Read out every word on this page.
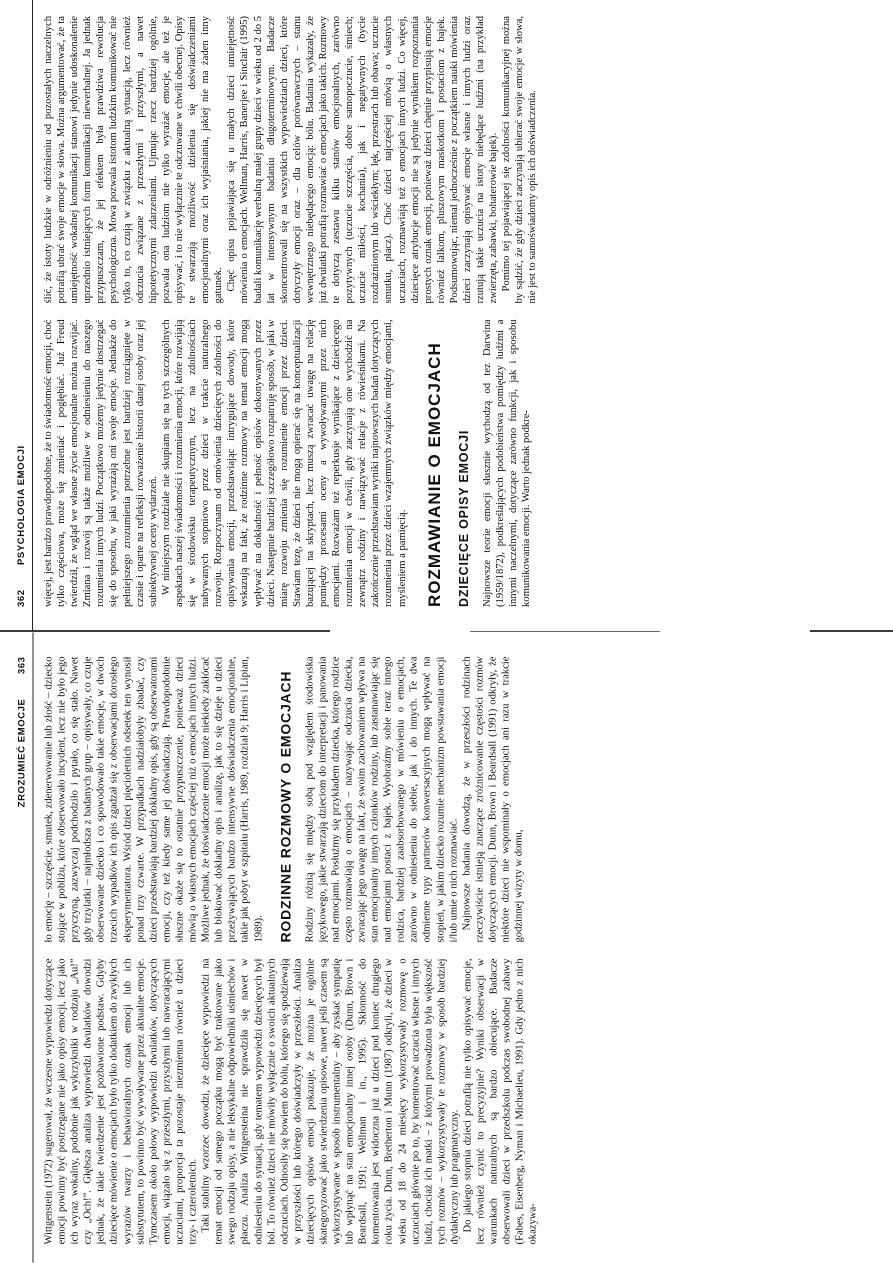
362
PSYCHOLOGIA EMOCJI więcej, jest bardzo prawdopodobne, że to świadomość emocji, choć tylko częściowa, może się zmieniać i pogłębiać. Już Freud twierdził, że wgląd we własne życie emocjonalne można rozwijać. Zmiana i rozwój są także możliwe w odniesieniu do naszego rozumienia innych ludzi. Początkowo możemy jedynie dostrzegać się do sposobu, w jaki wyrażają oni swoje emocje. Jednakże do pełniejszego zrozumienia potrzebne jest bardziej rozciągnięte w czasie i oparte na refleksji rozważenie historii danej osoby oraz jej subiektywnej oceny wydarzeń. W niniejszym rozdziale nie skupiam się na tych szczególnych aspektach naszej świadomości i rozumienia emocji, które rozwijają się w środowisku terapeutycznym, lecz na zdolnościach nabywanych stopniowo przez dzieci w trakcie naturalnego rozwoju. Rozpoczynam od omówienia dziecięcych zdolności do opisywania emocji, przedstawiając intrygujące dowody, które wskazują na fakt, że rodzinne rozmowy na temat emocji mogą wpływać na dokładność i pełność opisów dokonywanych przez dzieci. Następnie bardziej szczegółowo rozpatruję sposób, w jaki w miarę rozwoju zmienia się rozumienie emocji przez dzieci. Stawiam tezę, że dzieci nie mogą opierać się na konceptualizacji bazującej na skryptach, lecz muszą zwracać uwagę na relację pomiędzy procesami oceny a wywoływanymi przez nich emocjami. Rozważam też reperkusje wynikające z dziecięcego rozumienia emocji w chwili, gdy zaczynają one wychodzić na zewnątrz rodziny i nawiązywać relacje z rówieśnikami. Na zakończenie przedstawiam wyniki najnowszych badań dotyczących rozumienia przez dzieci wzajemnych związków między emocjami, myśleniem a pamięcią. ROZMAWIANIE O EMOCJACH DZIECIĘCE OPISY EMOCJI Najnowsze teorie emocji słusznie wychodzą od tez Darwina (1959/1872), podkreślających podobieństwa pomiędzy ludźmi a innymi naczelnymi, dotyczące zarówno funkcji, jak i sposobu komunikowania emocji. Warto jednak podkre-

ślić, że istoty ludzkie w odróżnieniu od pozostałych naczelnych potrafią ubrać swoje emocje w słowa. Można argumentować, że ta umiejętność wokalnej komunikacji stanowi jedynie udoskonalenie uprzednio istniejących form komunikacji niewerbalnej. Ja jednak przypuszczam, że jej efektem była prawdziwa rewolucja psychologiczna. Mowa pozwala istotom ludzkim komunikować nie tylko to, co czują w związku z aktualną sytuacją, lecz również odczucia związane z przeszłymi i przyszłymi, a nawet hipotetycznymi zdarzeniami. Ujmując rzecz bardziej ogólnie, pozwala ona ludziom nie tylko wyrażać emocje, ale też je opisywać, i to nie wyłącznie te odczuwane w chwili obecnej. Opisy te stwarzają możliwość dzielenia się doświadczeniami emocjonalnymi oraz ich wyjaśniania, jakiej nie ma żaden inny gatunek. Chęć opisu pojawiająca się u małych dzieci umiejętność mówienia o emocjach. Wellman, Harris, Banerjee i Sinclair (1995) badali komunikację werbalną małej grupy dzieci w wieku od 2 do 5 lat w intensywnym badaniu długoterminowym. Badacze skoncentrowali się na wszystkich wypowiedziach dzieci, które dotyczyły emocji oraz – dla celów porównawczych – stanu wewnętrznego niebędącego emocją: bólu. Badania wykazały, że już dwulatki potrafią rozmawiać o emocjach jako takich. Rozmowy te dotyczą zestawu kilku stanów emocjonalnych, zarówno pozytywnych (uczucie szczęścia, dobre samopoczucie, śmiech; uczucie miłości, kochania), jak i negatywnych (bycie rozdrażnionym lub wściekłym; lęk, przestrach lub obawa; uczucie smutku, płacz). Choć dzieci najczęściej mówią o własnych uczuciach, rozmawiają też o emocjach innych ludzi. Co więcej, dziecięce atrybucje emocji nie są jedynie wynikiem rozpoznania prostych oznak emocji, ponieważ dzieci chętnie przypisują emocje również lalkom, pluszowym maskotkom i postaciom z bajek. Podsumowując, niemal jednocześnie z początkiem nauki mówienia dzieci zaczynają opisywać emocje własne i innych ludzi oraz rzutują takie uczucia na istoty niebędące ludźmi (na przykład zwierzęta, zabawki, bohaterowie bajek). Pomimo tej pojawiającej się zdolności komunikacyjnej można by sądzić, że gdy dzieci zaczynają ubierać swoje emocje w słowa, nie jest to samoświadomy opis ich doświadczenia.

ZROZUMIEĆ EMOCJE
363

Wittgenstein (1972) sugerował, że wczesne wypowiedzi dotyczące emocji powinny być postrzegane nie jako opisy emocji, lecz jako ich wyraz wokalny, podobnie jak wykrzykniki w rodzaju „Au!” czy „Och!”. Głębsza analiza wypowiedzi dwulatków dowodzi jednak, że takie twierdzenie jest pozbawione podstaw. Gdyby dziecięce mówienie o emocjach było tylko dodatkiem do zwykłych wyrazów twarzy i behawioralnych oznak emocji lub ich substytutem, to powinno być wywoływane przez aktualne emocje. Tymczasem około połowy wypowiedzi dwulatków, dotyczących emocji, wiązało się z przeszłymi, przyszłymi lub nawracającymi uczuciami, proporcja ta pozostaje niezmienna również u dzieci trzy- i czteroletnich. Taki stabilny wzorzec dowodzi, że dziecięce wypowiedzi na temat emocji od samego początku mogą być traktowane jako swego rodzaju opisy, a nie leksykalne odpowiedniki uśmiechów i płaczu. Analiza Wittgensteina nie sprawdziła się nawet w odniesieniu do sytuacji, gdy tematem wypowiedzi dziecięcych był ból. To również dzieci nie mówiły wyłącznie o swoich aktualnych odczuciach. Odnosiły się bowiem do bólu, którego się spodziewają w przyszłości lub którego doświadczyły w przeszłości. Analiza dziecięcych opisów emocji pokazuje, że można je ogólnie skategoryzować jako stwierdzenia opisowe, nawet jeśli czasem są wykorzystywane w sposób instrumentalny – aby zyskać sympatię lub wpłynąć na stan emocjonalny innej osoby (Dunn, Brown i Beardsall, 1991; Wellman i in., 1995). Skłonność do komentowania jest widoczna już u dzieci pod koniec drugiego roku życia. Dunn, Bretherton i Munn (1987) odkryli, że dzieci w wieku od 18 do 24 miesięcy wykorzystywały rozmowę o uczuciach głównie po to, by komentować uczucia własne i innych ludzi, chociaż ich matki – z którymi prowadzona była większość tych rozmów – wykorzystywały te rozmowy w sposób bardziej dydaktyczny lub pragmatyczny. Do jakiego stopnia dzieci potrafią nie tylko opisywać emocje, lecz również czynić to precyzyjnie? Wyniki obserwacji w warunkach naturalnych są bardzo obiecujące. Badacze obserwowali dzieci w przedszkolu podczas swobodnej zabawy (Fabes, Eisenberg, Nyman i Michaelieu, 1991). Gdy jedno z nich okazywa-

ło emocję – szczęście, smutek, zdenerwowanie lub złość – dziecko stojące w pobliżu, które obserwowało incydent, lecz nie było jego przyczyną, zazwyczaj podchodziło i pytało, co się stało. Nawet gdy trzylatki – najmłodsza z badanych grup – opisywały, co czuje obserwowane dziecko i co spowodowało takie emocje, w dwóch trzecich wypadków ich opis zgadzał się z obserwacjami dorosłego eksperymentatora. Wśród dzieci pięcioletnich odsetek ten wynosił ponad trzy czwarte. W przypadkach nadziałobyły zbadać, czy dzieci przedstawiają bardziej dokładny opis, gdy są obserwatorami emocji, czy też kiedy same jej doświadczają. Prawdopodobnie słuszne okaże się to ostatnie przypuszczenie, ponieważ dzieci mówią o własnych emocjach częściej niż o emocjach innych ludzi. Możliwe jednak, że doświadczenie emocji może niekiedy zakłócać lub blokować dokładny opis i analizę, jak to się dzieje u dzieci przeżywających bardzo intensywne doświadczenia emocjonalne, takie jak pobyt w szpitalu (Harris, 1989, rozdział 9; Harris i Lipian, 1989). RODZINNE ROZMOWY O EMOCJACH Rodziny różnią się między sobą pod względem środowiska językowego, jakie stwarzają dzieciom do interpretacji i panowania nad emocjami. Posłużmy się przykładem dziecka, którego rodzice często rozmawiają o emocjach – nazywając odczucia dziecka, zwracając jego uwagę na fakt, że swoim zachowaniem wpływa na stan emocjonalny innych członków rodziny, lub zastanawiając się nad emocjami postaci z bajek. Wyobraźmy sobie teraz innego rodzica, bardziej zaabsorbowanego w mówieniu o emocjach, zarówno w odniesieniu do siebie, jak i do innych. Te dwa odmienne typy partnerów konwersacyjnych mogą wpływać na stopień, w jakim dziecko rozumie mechanizm powstawania emocji i/lub umie o nich rozmawiać. Najnowsze badania dowodzą, że w przeszłości rodzinach rzeczywiście istnieją znaczące zróżnicowanie częstości rozmów dotyczących emocji. Dunn, Brown i Beardsall (1991) odkryły, że niektóre dzieci nie wspominały o emocjach ani razu w trakcie godzinnej wizyty w domu,
